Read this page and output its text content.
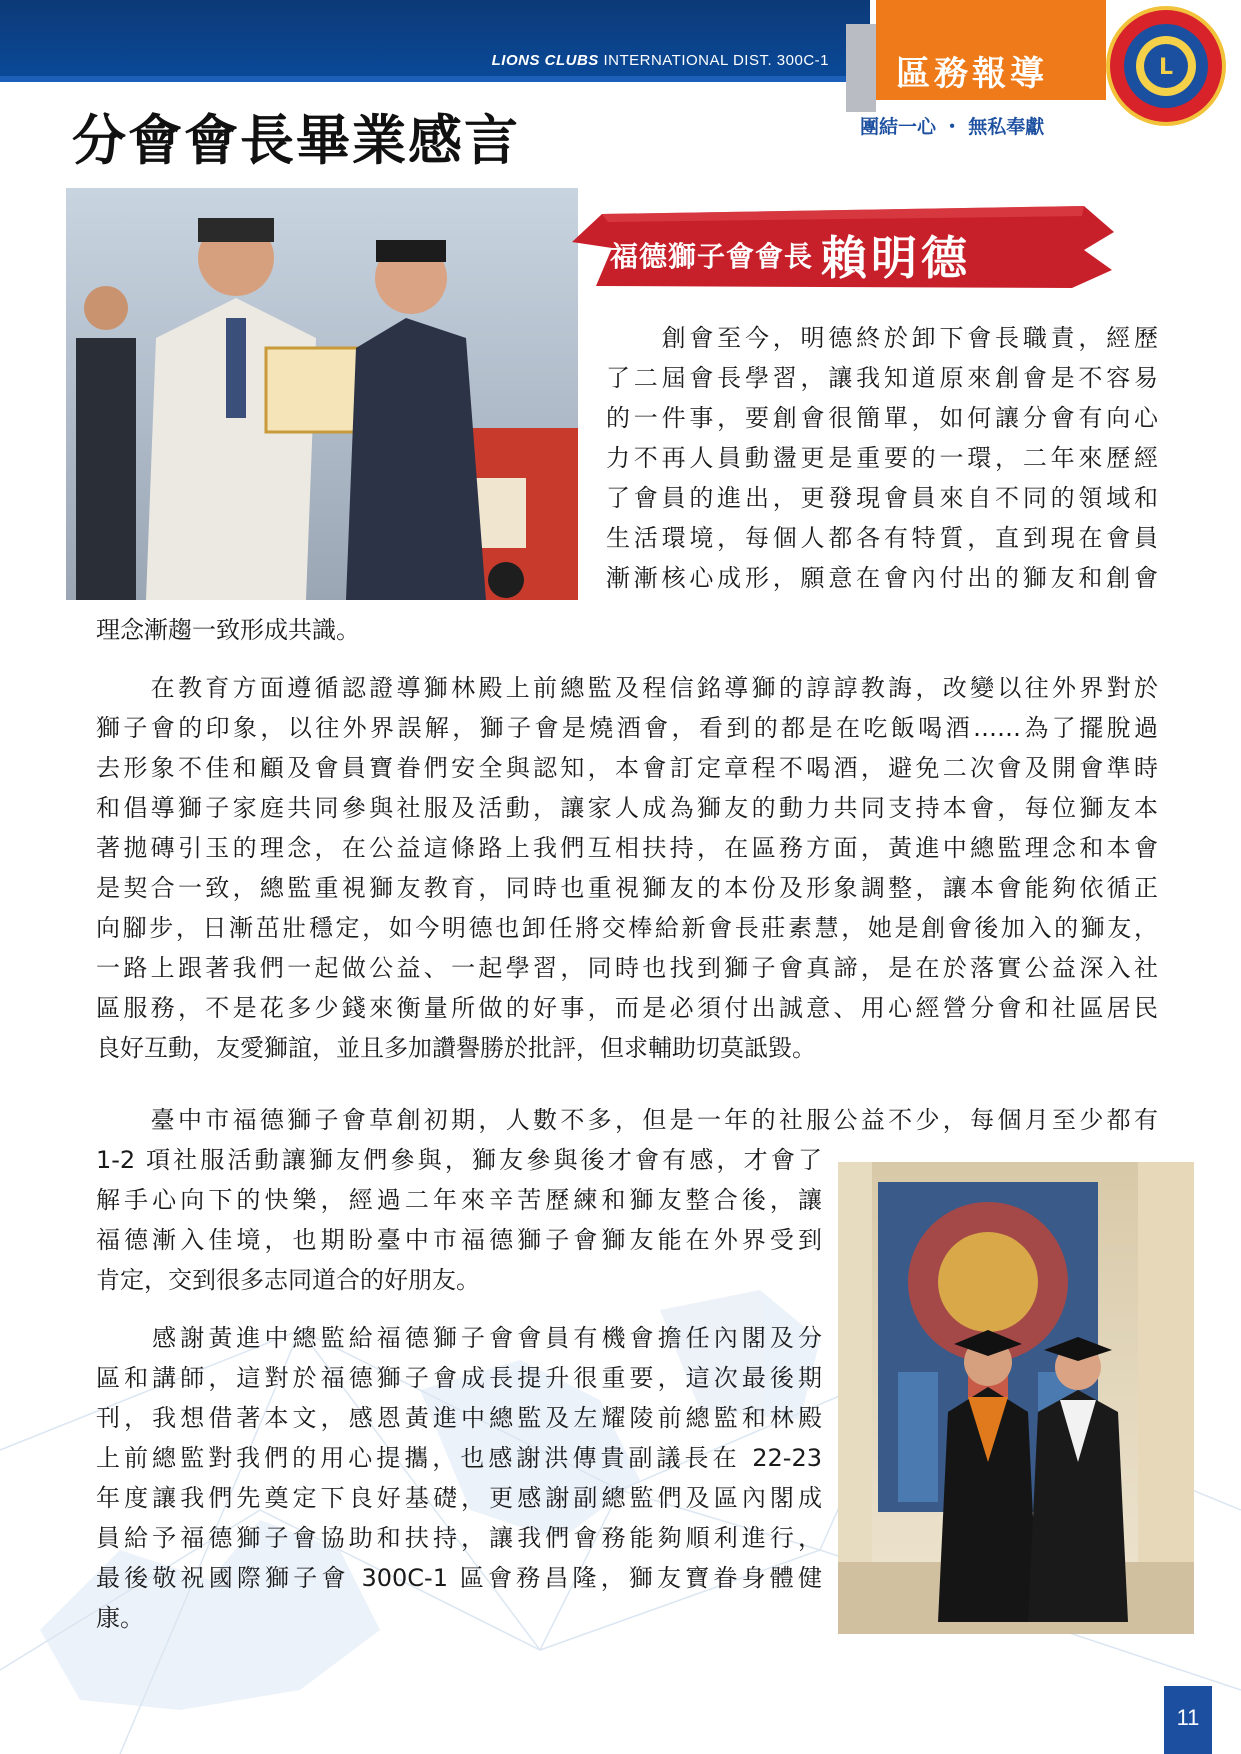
LIONS CLUBS INTERNATIONAL DIST. 300C-1 區務報導
團結一心 ・ 無私奉獻
L
分會會長畢業感言
福德獅子會會長 賴明德
　　創會至今，明德終於卸下會長職責，經歷
了二屆會長學習，讓我知道原來創會是不容易
的一件事，要創會很簡單，如何讓分會有向心
力不再人員動盪更是重要的一環，二年來歷經
了會員的進出，更發現會員來自不同的領域和
生活環境，每個人都各有特質，直到現在會員
漸漸核心成形，願意在會內付出的獅友和創會
理念漸趨一致形成共識。
　　在教育方面遵循認證導獅林殿上前總監及程信銘導獅的諄諄教誨，改變以往外界對於
獅子會的印象，以往外界誤解，獅子會是燒酒會，看到的都是在吃飯喝酒……為了擺脫過
去形象不佳和顧及會員寶眷們安全與認知，本會訂定章程不喝酒，避免二次會及開會準時
和倡導獅子家庭共同參與社服及活動，讓家人成為獅友的動力共同支持本會，每位獅友本
著拋磚引玉的理念，在公益這條路上我們互相扶持，在區務方面，黃進中總監理念和本會
是契合一致，總監重視獅友教育，同時也重視獅友的本份及形象調整，讓本會能夠依循正
向腳步，日漸茁壯穩定，如今明德也卸任將交棒給新會長莊素慧，她是創會後加入的獅友，
一路上跟著我們一起做公益、一起學習，同時也找到獅子會真諦，是在於落實公益深入社
區服務，不是花多少錢來衡量所做的好事，而是必須付出誠意、用心經營分會和社區居民
良好互動，友愛獅誼，並且多加讚譽勝於批評，但求輔助切莫詆毀。
　　臺中市福德獅子會草創初期，人數不多，但是一年的社服公益不少，每個月至少都有
1-2 項社服活動讓獅友們參與，獅友參與後才會有感，才會了
解手心向下的快樂，經過二年來辛苦歷練和獅友整合後，讓
福德漸入佳境，也期盼臺中市福德獅子會獅友能在外界受到
肯定，交到很多志同道合的好朋友。
　　感謝黃進中總監給福德獅子會會員有機會擔任內閣及分
區和講師，這對於福德獅子會成長提升很重要，這次最後期
刊，我想借著本文，感恩黃進中總監及左耀陵前總監和林殿
上前總監對我們的用心提攜，也感謝洪傳貴副議長在 22-23
年度讓我們先奠定下良好基礎，更感謝副總監們及區內閣成
員給予福德獅子會協助和扶持，讓我們會務能夠順利進行，
最後敬祝國際獅子會 300C-1 區會務昌隆，獅友寶眷身體健
康。
11
